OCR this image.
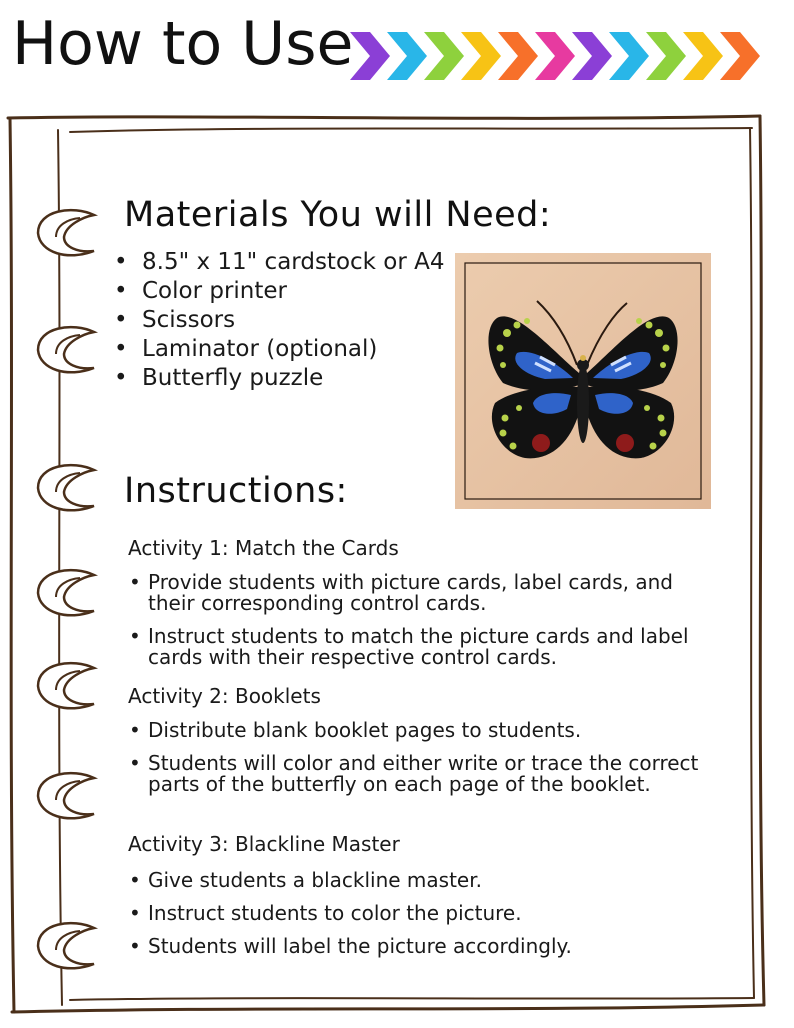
How to Use
Materials You will Need:
• 8.5" x 11" cardstock or A4
• Color printer
• Scissors
• Laminator (optional)
• Butterfly puzzle
Instructions:
Activity 1: Match the Cards
• Provide students with picture cards, label cards, and their corresponding control cards.
• Instruct students to match the picture cards and label cards with their respective control cards.
Activity 2: Booklets
• Distribute blank booklet pages to students.
• Students will color and either write or trace the correct parts of the butterfly on each page of the booklet.
Activity 3: Blackline Master
• Give students a blackline master.
• Instruct students to color the picture.
• Students will label the picture accordingly.
